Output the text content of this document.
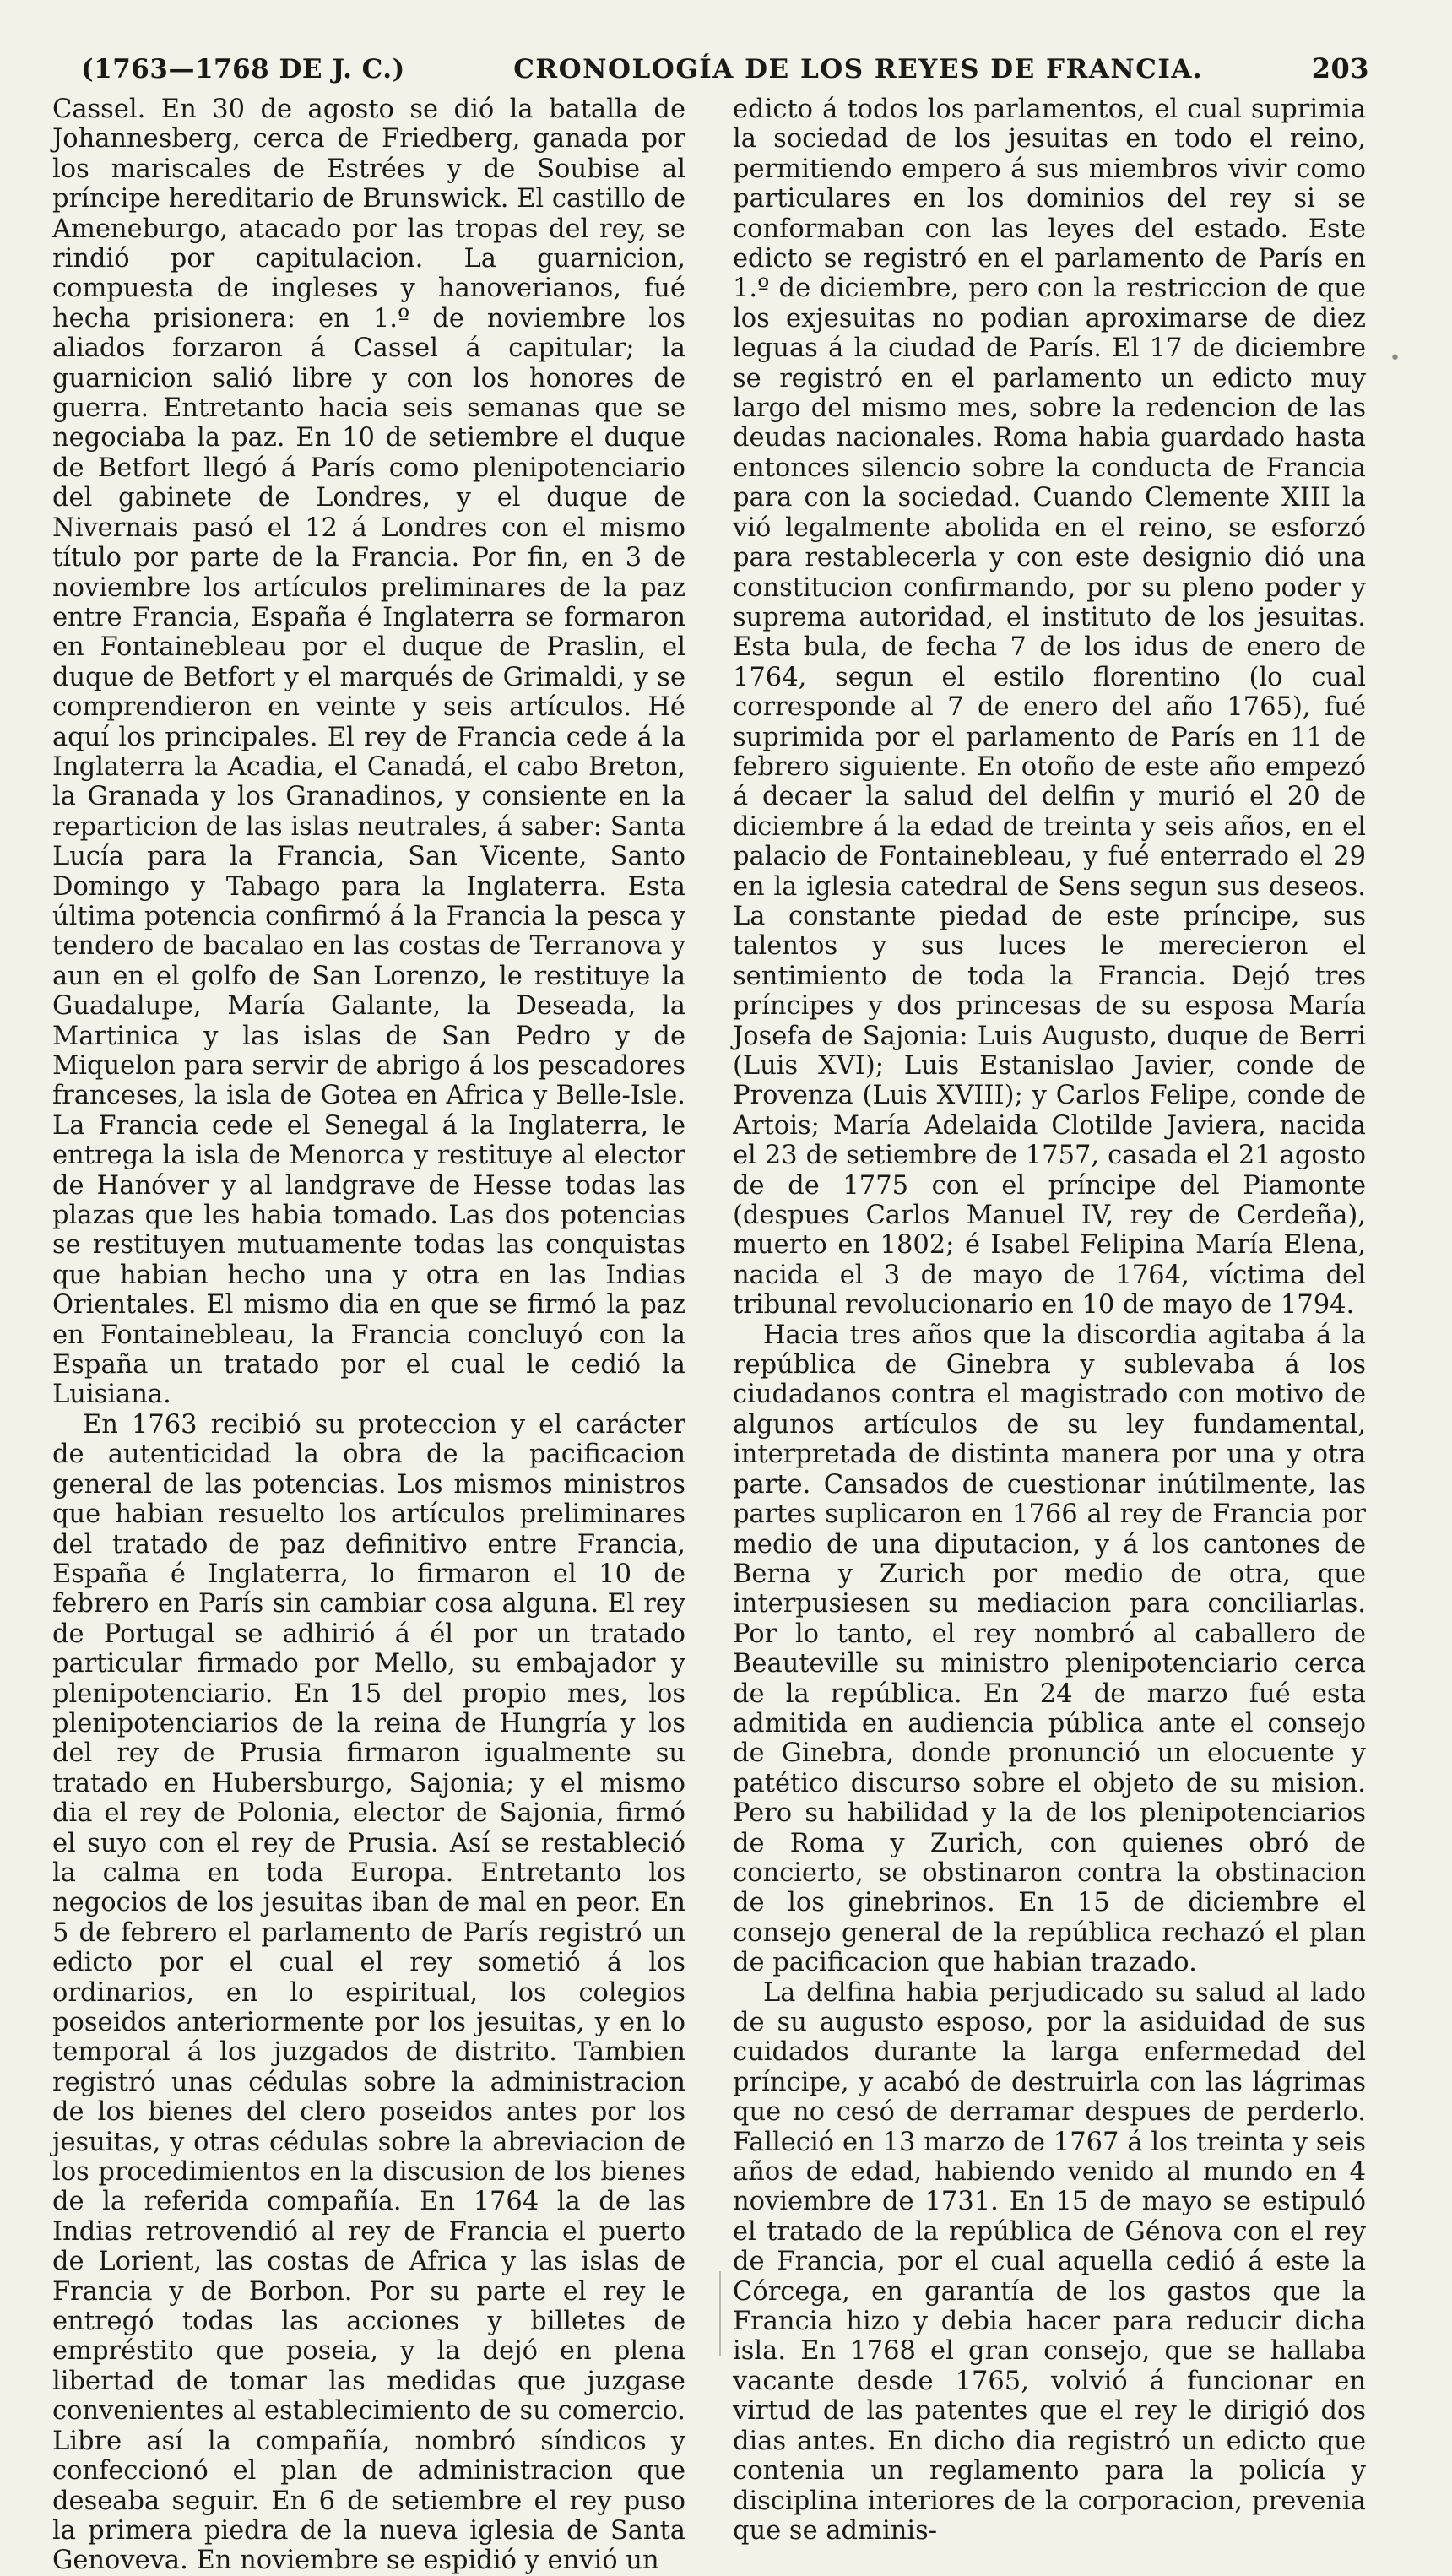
(1763—1768 DE J. C.)	CRONOLOGÍA DE LOS REYES DE FRANCIA.	203

Cassel. En 30 de agosto se dió la batalla de Johannesberg, cerca de Friedberg, ganada por los mariscales de Estrées y de Soubise al príncipe hereditario de Brunswick. El castillo de Ameneburgo, atacado por las tropas del rey, se rindió por capitulacion. La guarnicion, compuesta de ingleses y hanoverianos, fué hecha prisionera: en 1.º de noviembre los aliados forzaron á Cassel á capitular; la guarnicion salió libre y con los honores de guerra. Entretanto hacia seis semanas que se negociaba la paz. En 10 de setiembre el duque de Betfort llegó á París como plenipotenciario del gabinete de Londres, y el duque de Nivernais pasó el 12 á Londres con el mismo título por parte de la Francia. Por fin, en 3 de noviembre los artículos preliminares de la paz entre Francia, España é Inglaterra se formaron en Fontainebleau por el duque de Praslin, el duque de Betfort y el marqués de Grimaldi, y se comprendieron en veinte y seis artículos. Hé aquí los principales. El rey de Francia cede á la Inglaterra la Acadia, el Canadá, el cabo Breton, la Granada y los Granadinos, y consiente en la reparticion de las islas neutrales, á saber: Santa Lucía para la Francia, San Vicente, Santo Domingo y Tabago para la Inglaterra. Esta última potencia confirmó á la Francia la pesca y tendero de bacalao en las costas de Terranova y aun en el golfo de San Lorenzo, le restituye la Guadalupe, María Galante, la Deseada, la Martinica y las islas de San Pedro y de Miquelon para servir de abrigo á los pescadores franceses, la isla de Gotea en Africa y Belle-Isle. La Francia cede el Senegal á la Inglaterra, le entrega la isla de Menorca y restituye al elector de Hanóver y al landgrave de Hesse todas las plazas que les habia tomado. Las dos potencias se restituyen mutuamente todas las conquistas que habian hecho una y otra en las Indias Orientales. El mismo dia en que se firmó la paz en Fontainebleau, la Francia concluyó con la España un tratado por el cual le cedió la Luisiana.

En 1763 recibió su proteccion y el carácter de autenticidad la obra de la pacificacion general de las potencias. Los mismos ministros que habian resuelto los artículos preliminares del tratado de paz definitivo entre Francia, España é Inglaterra, lo firmaron el 10 de febrero en París sin cambiar cosa alguna. El rey de Portugal se adhirió á él por un tratado particular firmado por Mello, su embajador y plenipotenciario. En 15 del propio mes, los plenipotenciarios de la reina de Hungría y los del rey de Prusia firmaron igualmente su tratado en Hubersburgo, Sajonia; y el mismo dia el rey de Polonia, elector de Sajonia, firmó el suyo con el rey de Prusia. Así se restableció la calma en toda Europa. Entretanto los negocios de los jesuitas iban de mal en peor. En 5 de febrero el parlamento de París registró un edicto por el cual el rey sometió á los ordinarios, en lo espiritual, los colegios poseidos anteriormente por los jesuitas, y en lo temporal á los juzgados de distrito. Tambien registró unas cédulas sobre la administracion de los bienes del clero poseidos antes por los jesuitas, y otras cédulas sobre la abreviacion de los procedimientos en la discusion de los bienes de la referida compañía. En 1764 la de las Indias retrovendió al rey de Francia el puerto de Lorient, las costas de Africa y las islas de Francia y de Borbon. Por su parte el rey le entregó todas las acciones y billetes de empréstito que poseia, y la dejó en plena libertad de tomar las medidas que juzgase convenientes al establecimiento de su comercio. Libre así la compañía, nombró síndicos y confeccionó el plan de administracion que deseaba seguir. En 6 de setiembre el rey puso la primera piedra de la nueva iglesia de Santa Genoveva. En noviembre se espidió y envió un

edicto á todos los parlamentos, el cual suprimia la sociedad de los jesuitas en todo el reino, permitiendo empero á sus miembros vivir como particulares en los dominios del rey si se conformaban con las leyes del estado. Este edicto se registró en el parlamento de París en 1.º de diciembre, pero con la restriccion de que los exjesuitas no podian aproximarse de diez leguas á la ciudad de París. El 17 de diciembre se registró en el parlamento un edicto muy largo del mismo mes, sobre la redencion de las deudas nacionales. Roma habia guardado hasta entonces silencio sobre la conducta de Francia para con la sociedad. Cuando Clemente XIII la vió legalmente abolida en el reino, se esforzó para restablecerla y con este designio dió una constitucion confirmando, por su pleno poder y suprema autoridad, el instituto de los jesuitas. Esta bula, de fecha 7 de los idus de enero de 1764, segun el estilo florentino (lo cual corresponde al 7 de enero del año 1765), fué suprimida por el parlamento de París en 11 de febrero siguiente. En otoño de este año empezó á decaer la salud del delfin y murió el 20 de diciembre á la edad de treinta y seis años, en el palacio de Fontainebleau, y fué enterrado el 29 en la iglesia catedral de Sens segun sus deseos. La constante piedad de este príncipe, sus talentos y sus luces le merecieron el sentimiento de toda la Francia. Dejó tres príncipes y dos princesas de su esposa María Josefa de Sajonia: Luis Augusto, duque de Berri (Luis XVI); Luis Estanislao Javier, conde de Provenza (Luis XVIII); y Carlos Felipe, conde de Artois; María Adelaida Clotilde Javiera, nacida el 23 de setiembre de 1757, casada el 21 agosto de de 1775 con el príncipe del Piamonte (despues Carlos Manuel IV, rey de Cerdeña), muerto en 1802; é Isabel Felipina María Elena, nacida el 3 de mayo de 1764, víctima del tribunal revolucionario en 10 de mayo de 1794.

Hacia tres años que la discordia agitaba á la república de Ginebra y sublevaba á los ciudadanos contra el magistrado con motivo de algunos artículos de su ley fundamental, interpretada de distinta manera por una y otra parte. Cansados de cuestionar inútilmente, las partes suplicaron en 1766 al rey de Francia por medio de una diputacion, y á los cantones de Berna y Zurich por medio de otra, que interpusiesen su mediacion para conciliarlas. Por lo tanto, el rey nombró al caballero de Beauteville su ministro plenipotenciario cerca de la república. En 24 de marzo fué esta admitida en audiencia pública ante el consejo de Ginebra, donde pronunció un elocuente y patético discurso sobre el objeto de su mision. Pero su habilidad y la de los plenipotenciarios de Roma y Zurich, con quienes obró de concierto, se obstinaron contra la obstinacion de los ginebrinos. En 15 de diciembre el consejo general de la república rechazó el plan de pacificacion que habian trazado.

La delfina habia perjudicado su salud al lado de su augusto esposo, por la asiduidad de sus cuidados durante la larga enfermedad del príncipe, y acabó de destruirla con las lágrimas que no cesó de derramar despues de perderlo. Falleció en 13 marzo de 1767 á los treinta y seis años de edad, habiendo venido al mundo en 4 noviembre de 1731. En 15 de mayo se estipuló el tratado de la república de Génova con el rey de Francia, por el cual aquella cedió á este la Córcega, en garantía de los gastos que la Francia hizo y debia hacer para reducir dicha isla. En 1768 el gran consejo, que se hallaba vacante desde 1765, volvió á funcionar en virtud de las patentes que el rey le dirigió dos dias antes. En dicho dia registró un edicto que contenia un reglamento para la policía y disciplina interiores de la corporacion, prevenia que se adminis-

•
